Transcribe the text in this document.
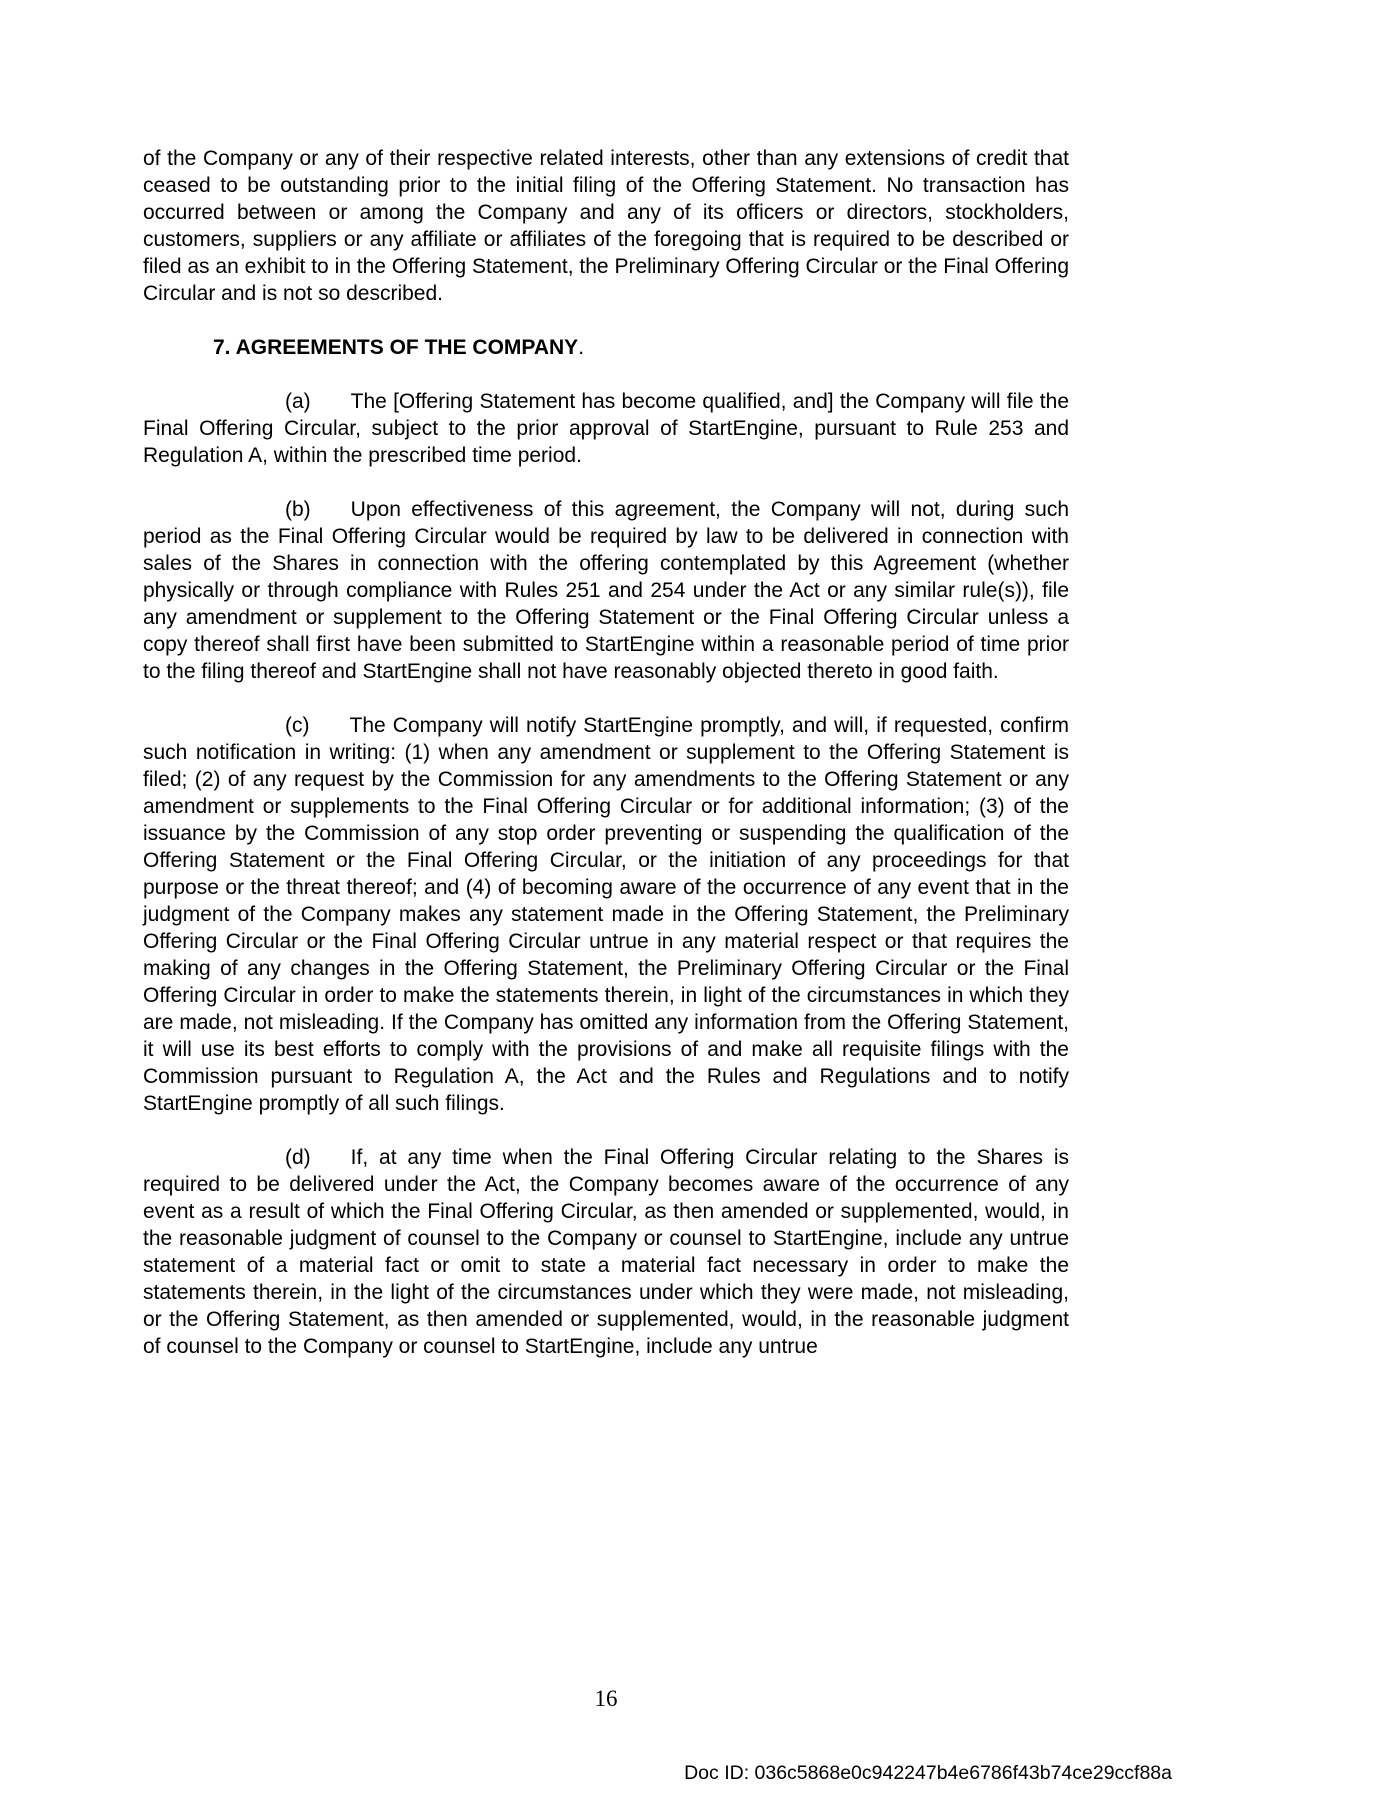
of the Company or any of their respective related interests, other than any extensions of credit that ceased to be outstanding prior to the initial filing of the Offering Statement. No transaction has occurred between or among the Company and any of its officers or directors, stockholders, customers, suppliers or any affiliate or affiliates of the foregoing that is required to be described or filed as an exhibit to in the Offering Statement, the Preliminary Offering Circular or the Final Offering Circular and is not so described.

7. AGREEMENTS OF THE COMPANY.

(a) The [Offering Statement has become qualified, and] the Company will file the Final Offering Circular, subject to the prior approval of StartEngine, pursuant to Rule 253 and Regulation A, within the prescribed time period.

(b) Upon effectiveness of this agreement, the Company will not, during such period as the Final Offering Circular would be required by law to be delivered in connection with sales of the Shares in connection with the offering contemplated by this Agreement (whether physically or through compliance with Rules 251 and 254 under the Act or any similar rule(s)), file any amendment or supplement to the Offering Statement or the Final Offering Circular unless a copy thereof shall first have been submitted to StartEngine within a reasonable period of time prior to the filing thereof and StartEngine shall not have reasonably objected thereto in good faith.

(c) The Company will notify StartEngine promptly, and will, if requested, confirm such notification in writing: (1) when any amendment or supplement to the Offering Statement is filed; (2) of any request by the Commission for any amendments to the Offering Statement or any amendment or supplements to the Final Offering Circular or for additional information; (3) of the issuance by the Commission of any stop order preventing or suspending the qualification of the Offering Statement or the Final Offering Circular, or the initiation of any proceedings for that purpose or the threat thereof; and (4) of becoming aware of the occurrence of any event that in the judgment of the Company makes any statement made in the Offering Statement, the Preliminary Offering Circular or the Final Offering Circular untrue in any material respect or that requires the making of any changes in the Offering Statement, the Preliminary Offering Circular or the Final Offering Circular in order to make the statements therein, in light of the circumstances in which they are made, not misleading. If the Company has omitted any information from the Offering Statement, it will use its best efforts to comply with the provisions of and make all requisite filings with the Commission pursuant to Regulation A, the Act and the Rules and Regulations and to notify StartEngine promptly of all such filings.

(d) If, at any time when the Final Offering Circular relating to the Shares is required to be delivered under the Act, the Company becomes aware of the occurrence of any event as a result of which the Final Offering Circular, as then amended or supplemented, would, in the reasonable judgment of counsel to the Company or counsel to StartEngine, include any untrue statement of a material fact or omit to state a material fact necessary in order to make the statements therein, in the light of the circumstances under which they were made, not misleading, or the Offering Statement, as then amended or supplemented, would, in the reasonable judgment of counsel to the Company or counsel to StartEngine, include any untrue

16
Doc ID: 036c5868e0c942247b4e6786f43b74ce29ccf88a
